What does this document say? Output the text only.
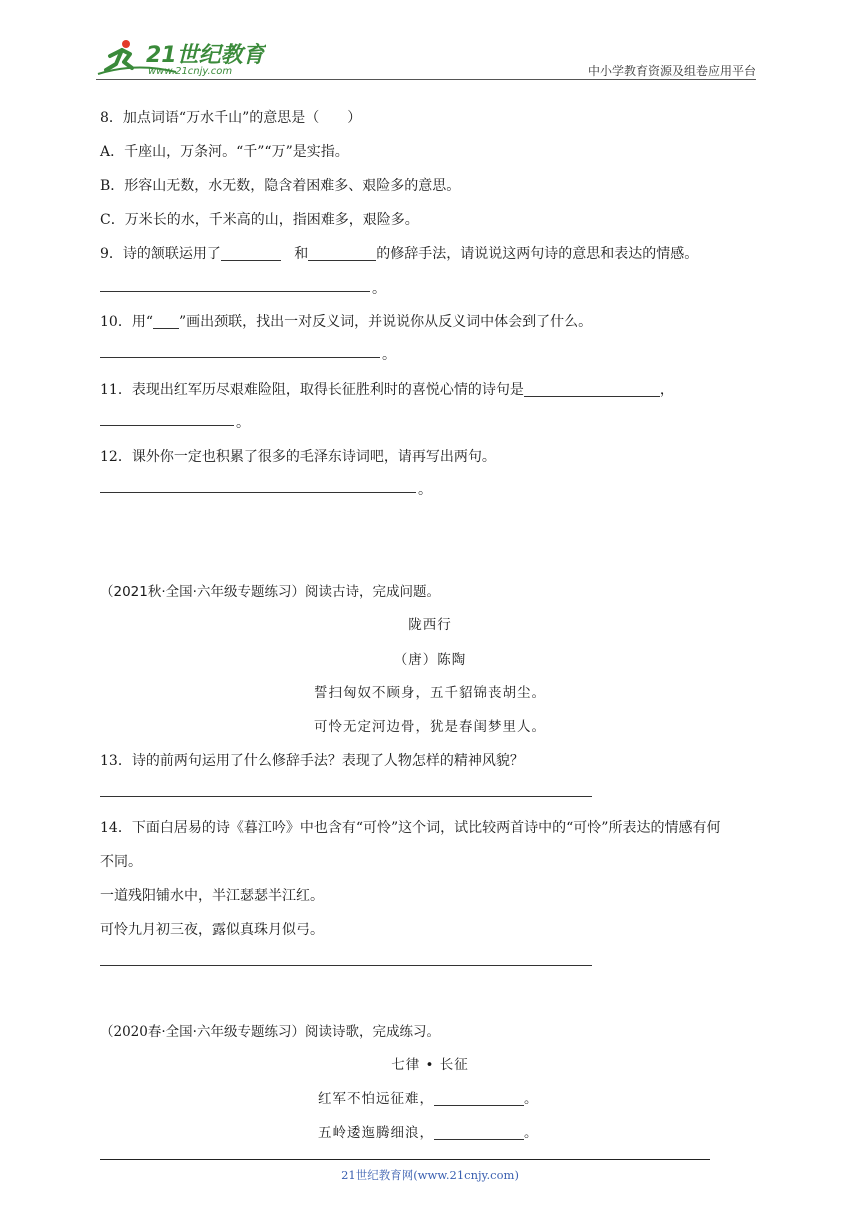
21世纪教育
www.21cnjy.com	中小学教育资源及组卷应用平台
8．加点词语“万水千山”的意思是（　　）
A．千座山，万条河。“千”“万”是实指。
B．形容山无数，水无数，隐含着困难多、艰险多的意思。
C．万米长的水，千米高的山，指困难多，艰险多。
9．诗的颔联运用了	和	的修辞手法，请说说这两句诗的意思和表达的情感。
。
10．用“ ”画出颈联，找出一对反义词，并说说你从反义词中体会到了什么。
。
11．表现出红军历尽艰难险阻，取得长征胜利时的喜悦心情的诗句是	，
。
12．课外你一定也积累了很多的毛泽东诗词吧，请再写出两句。
。
（2021秋·全国·六年级专题练习）阅读古诗，完成问题。
陇西行
（唐）陈陶
誓扫匈奴不顾身，五千貂锦丧胡尘。
可怜无定河边骨，犹是春闺梦里人。
13．诗的前两句运用了什么修辞手法？表现了人物怎样的精神风貌？
14．下面白居易的诗《暮江吟》中也含有“可怜”这个词，试比较两首诗中的“可怜”所表达的情感有何
不同。
一道残阳铺水中，半江瑟瑟半江红。
可怜九月初三夜，露似真珠月似弓。
（2020春·全国·六年级专题练习）阅读诗歌，完成练习。
七律 • 长征
红军不怕远征难，	。
五岭逶迤腾细浪，	。
21世纪教育网(www.21cnjy.com)
